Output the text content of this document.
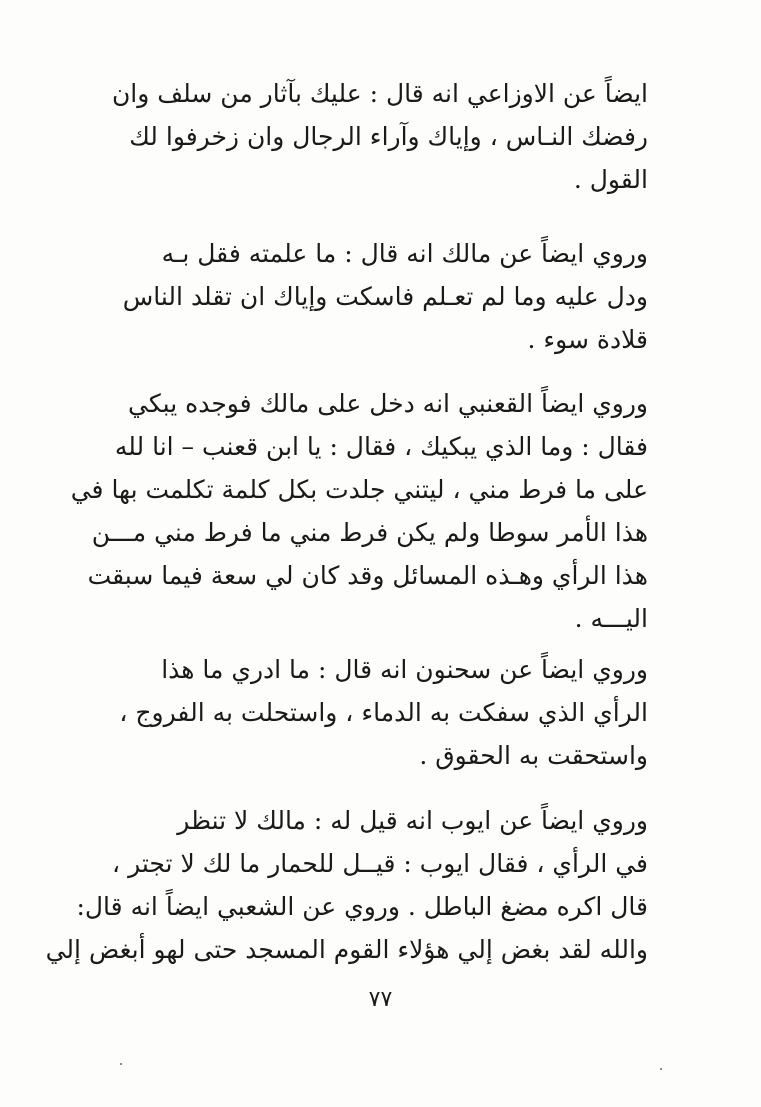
ايضاً عن الاوزاعي انه قال : عليك بآثار من سلف وان
رفضك النـاس ، وإياك وآراء الرجال وان زخرفوا لك
القول .
وروي ايضاً عن مالك انه قال : ما علمته فقل بـه
ودل عليه وما لم تعـلم فاسكت وإياك ان تقلد الناس
قلادة سوء .
وروي ايضاً القعنبي انه دخل على مالك فوجده يبكي
فقال : وما الذي يبكيك ، فقال : يا ابن قعنب – انا لله
على ما فرط مني ، ليتني جلدت بكل كلمة تكلمت بها في
هذا الأمر سوطا ولم يكن فرط مني ما فرط مني مـــن
هذا الرأي وهـذه المسائل وقد كان لي سعة فيما سبقت
اليـــه .
وروي ايضاً عن سحنون انه قال : ما ادري ما هذا
الرأي الذي سفكت به الدماء ، واستحلت به الفروج ،
واستحقت به الحقوق .
وروي ايضاً عن ايوب انه قيل له : مالك لا تنظر
في الرأي ، فقال ايوب : قيــل للحمار ما لك لا تجتر ،
قال اكره مضغ الباطل . وروي عن الشعبي ايضاً انه قال:
والله لقد بغض إلي هؤلاء القوم المسجد حتى لهو أبغض إلي
٧٧
